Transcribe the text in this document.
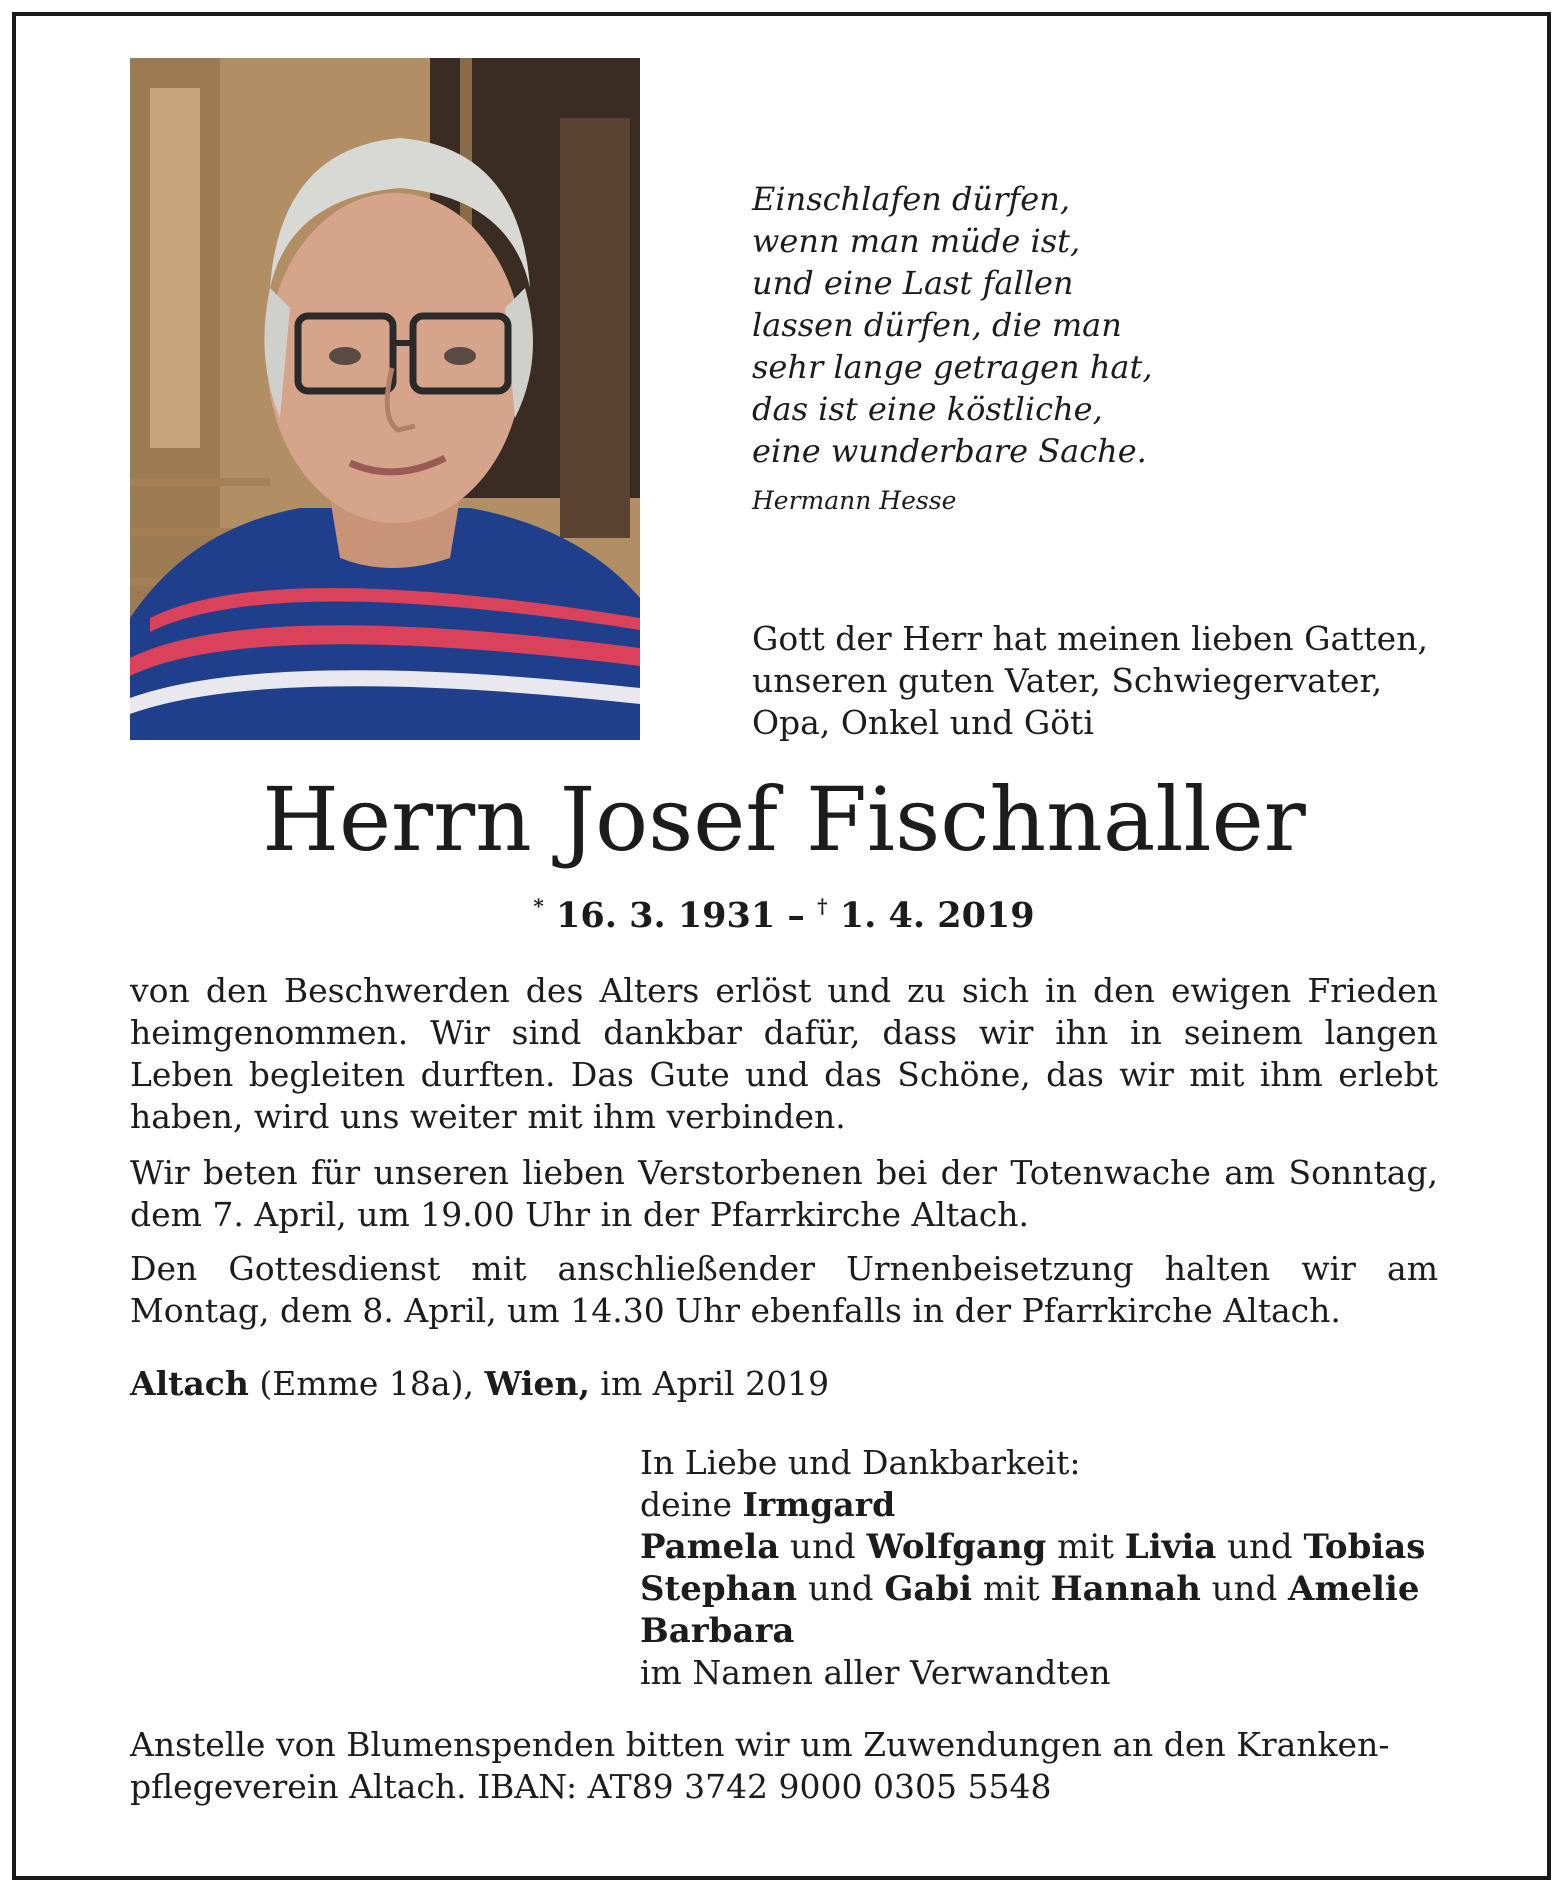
Einschlafen dürfen,
wenn man müde ist,
und eine Last fallen
lassen dürfen, die man
sehr lange getragen hat,
das ist eine köstliche,
eine wunderbare Sache.
Hermann Hesse
Gott der Herr hat meinen lieben Gatten,
unseren guten Vater, Schwiegervater,
Opa, Onkel und Göti
Herrn Josef Fischnaller
* 16. 3. 1931 – † 1. 4. 2019
von den Beschwerden des Alters erlöst und zu sich in den ewigen Frieden
heimgenommen. Wir sind dankbar dafür, dass wir ihn in seinem langen
Leben begleiten durften. Das Gute und das Schöne, das wir mit ihm erlebt
haben, wird uns weiter mit ihm verbinden.
Wir beten für unseren lieben Verstorbenen bei der Totenwache am Sonntag,
dem 7. April, um 19.00 Uhr in der Pfarrkirche Altach.
Den Gottesdienst mit anschließender Urnenbeisetzung halten wir am
Montag, dem 8. April, um 14.30 Uhr ebenfalls in der Pfarrkirche Altach.
Altach (Emme 18a), Wien, im April 2019
In Liebe und Dankbarkeit:
deine Irmgard
Pamela und Wolfgang mit Livia und Tobias
Stephan und Gabi mit Hannah und Amelie
Barbara
im Namen aller Verwandten
Anstelle von Blumenspenden bitten wir um Zuwendungen an den Kranken-
pflegeverein Altach. IBAN: AT89 3742 9000 0305 5548
